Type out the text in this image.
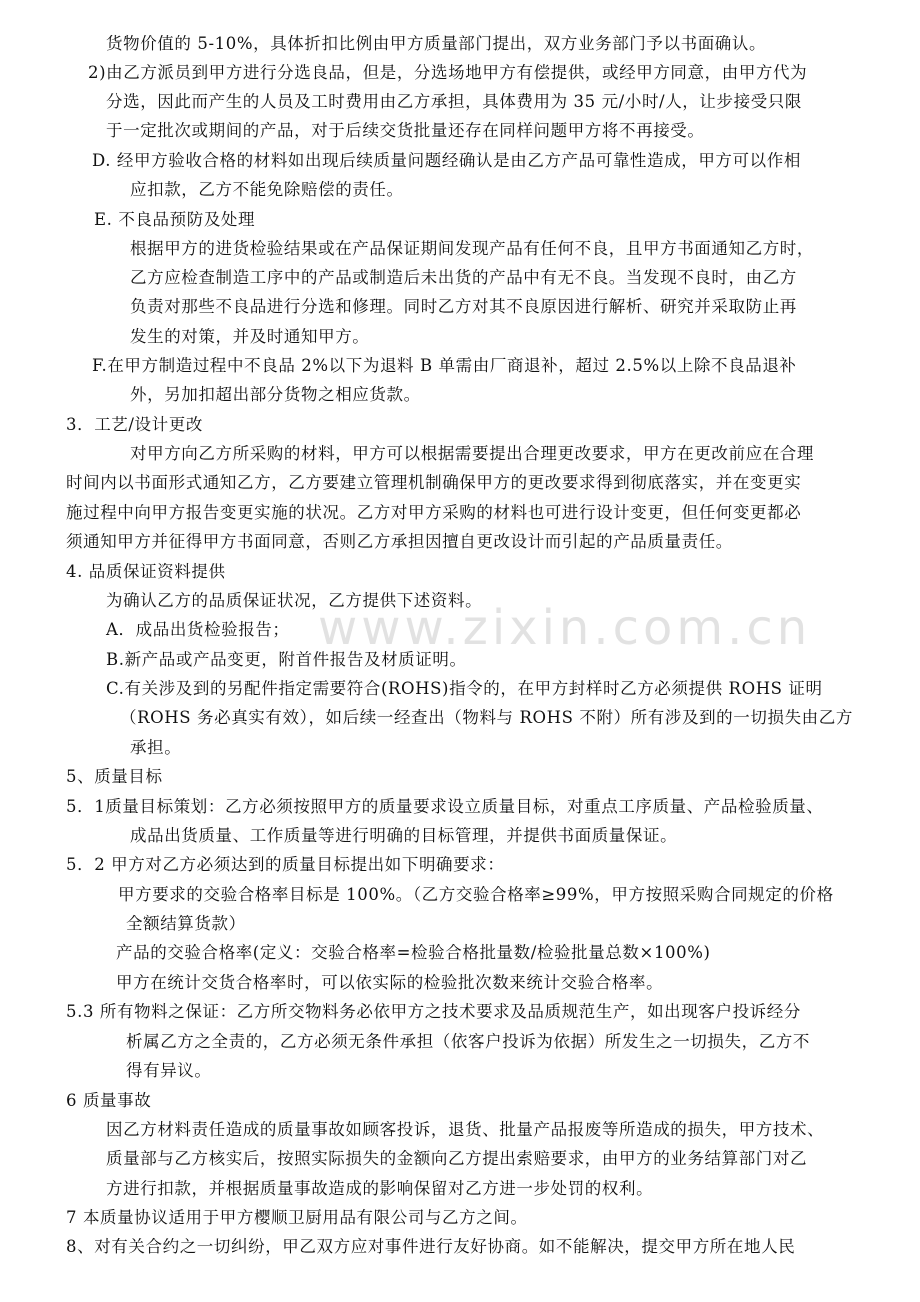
货物价值的 5-10%，具体折扣比例由甲方质量部门提出，双方业务部门予以书面确认。
2)由乙方派员到甲方进行分选良品，但是，分选场地甲方有偿提供，或经甲方同意，由甲方代为
分选，因此而产生的人员及工时费用由乙方承担，具体费用为 35 元/小时/人，让步接受只限
于一定批次或期间的产品，对于后续交货批量还存在同样问题甲方将不再接受。
D. 经甲方验收合格的材料如出现后续质量问题经确认是由乙方产品可靠性造成，甲方可以作相
应扣款，乙方不能免除赔偿的责任。
E. 不良品预防及处理
根据甲方的进货检验结果或在产品保证期间发现产品有任何不良，且甲方书面通知乙方时，
乙方应检查制造工序中的产品或制造后未出货的产品中有无不良。当发现不良时，由乙方
负责对那些不良品进行分选和修理。同时乙方对其不良原因进行解析、研究并采取防止再
发生的对策，并及时通知甲方。
F.在甲方制造过程中不良品 2%以下为退料 B 单需由厂商退补，超过 2.5%以上除不良品退补
外，另加扣超出部分货物之相应货款。
3．工艺/设计更改
对甲方向乙方所采购的材料，甲方可以根据需要提出合理更改要求，甲方在更改前应在合理
时间内以书面形式通知乙方，乙方要建立管理机制确保甲方的更改要求得到彻底落实，并在变更实
施过程中向甲方报告变更实施的状况。乙方对甲方采购的材料也可进行设计变更，但任何变更都必
须通知甲方并征得甲方书面同意，否则乙方承担因擅自更改设计而引起的产品质量责任。
4. 品质保证资料提供
为确认乙方的品质保证状况，乙方提供下述资料。
A．成品出货检验报告；
B.新产品或产品变更，附首件报告及材质证明。
C.有关涉及到的另配件指定需要符合(ROHS)指令的，在甲方封样时乙方必须提供 ROHS 证明
（ROHS 务必真实有效），如后续一经查出（物料与 ROHS 不附）所有涉及到的一切损失由乙方
承担。
5、质量目标
5．1质量目标策划：乙方必须按照甲方的质量要求设立质量目标，对重点工序质量、产品检验质量、
成品出货质量、工作质量等进行明确的目标管理，并提供书面质量保证。
5．2 甲方对乙方必须达到的质量目标提出如下明确要求：
甲方要求的交验合格率目标是 100%。（乙方交验合格率≥99%，甲方按照采购合同规定的价格
全额结算货款）
产品的交验合格率(定义：交验合格率=检验合格批量数/检验批量总数×100%)
甲方在统计交货合格率时，可以依实际的检验批次数来统计交验合格率。
5.3 所有物料之保证：乙方所交物料务必依甲方之技术要求及品质规范生产，如出现客户投诉经分
析属乙方之全责的，乙方必须无条件承担（依客户投诉为依据）所发生之一切损失，乙方不
得有异议。
6 质量事故
因乙方材料责任造成的质量事故如顾客投诉，退货、批量产品报废等所造成的损失，甲方技术、
质量部与乙方核实后，按照实际损失的金额向乙方提出索赔要求，由甲方的业务结算部门对乙
方进行扣款，并根据质量事故造成的影响保留对乙方进一步处罚的权利。
7 本质量协议适用于甲方樱顺卫厨用品有限公司与乙方之间。
8、对有关合约之一切纠纷，甲乙双方应对事件进行友好协商。如不能解决，提交甲方所在地人民
www.zixin.com.cn
